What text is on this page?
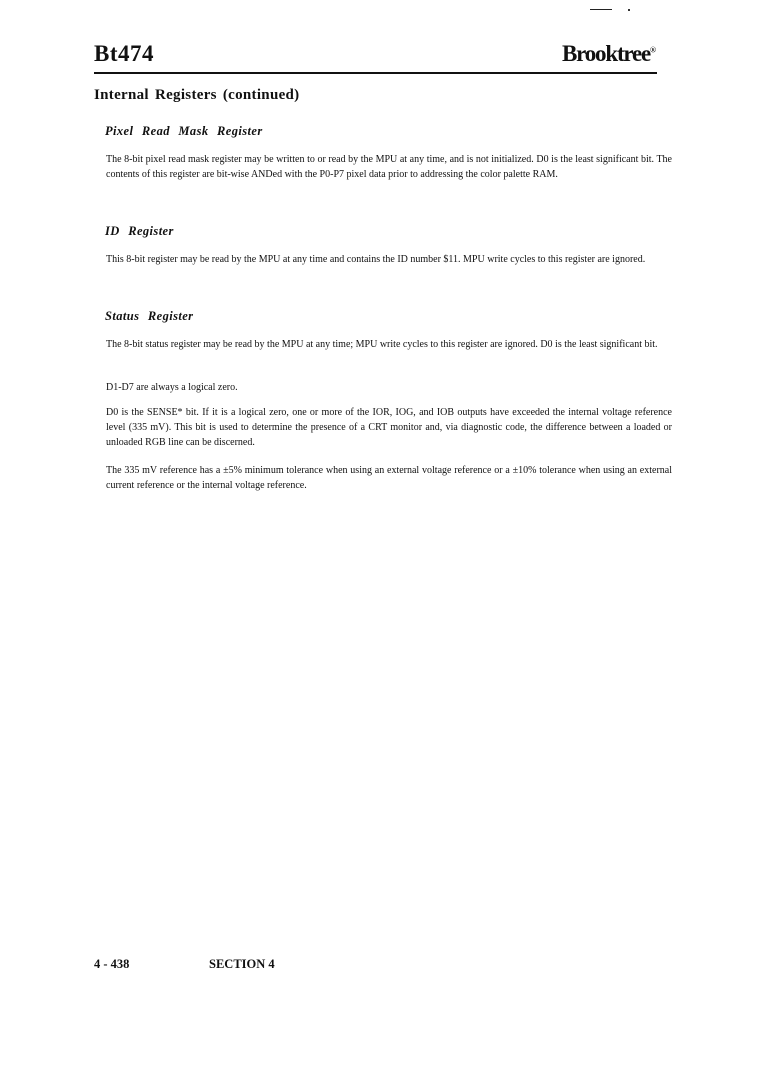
Bt474	Brooktree®
Internal Registers (continued)
Pixel Read Mask Register
The 8-bit pixel read mask register may be written to or read by the MPU at any time, and is not initialized. D0 is the least significant bit. The contents of this register are bit-wise ANDed with the P0-P7 pixel data prior to addressing the color palette RAM.
ID Register
This 8-bit register may be read by the MPU at any time and contains the ID number $11. MPU write cycles to this register are ignored.
Status Register
The 8-bit status register may be read by the MPU at any time; MPU write cycles to this register are ignored. D0 is the least significant bit.
D1-D7 are always a logical zero.
D0 is the SENSE* bit. If it is a logical zero, one or more of the IOR, IOG, and IOB outputs have exceeded the internal voltage reference level (335 mV). This bit is used to determine the presence of a CRT monitor and, via diagnostic code, the difference between a loaded or unloaded RGB line can be discerned.
The 335 mV reference has a ±5% minimum tolerance when using an external voltage reference or a ±10% tolerance when using an external current reference or the internal voltage reference.
4 - 438	SECTION 4
